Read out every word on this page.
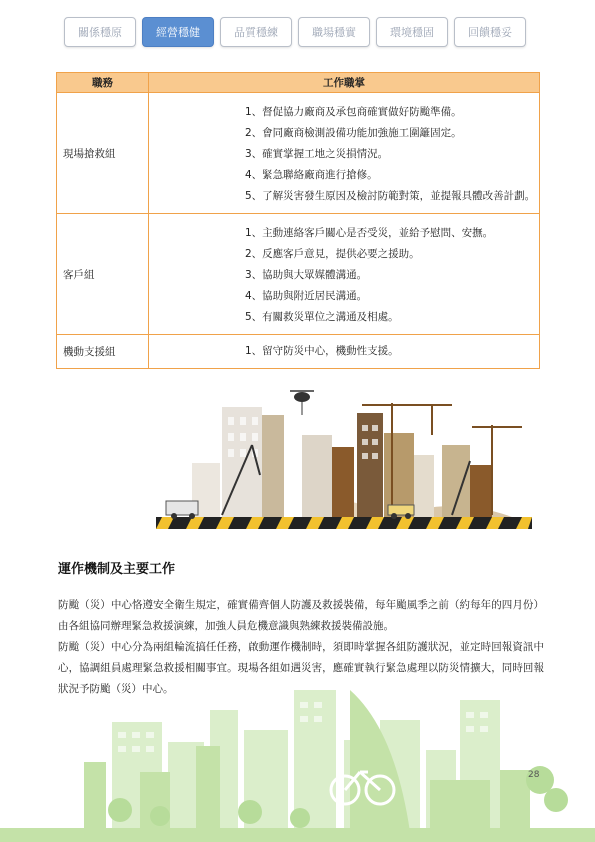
關係穩原	經營穩健	品質穩練	職場穩實	環境穩固	回饋穩妥
職務	工作職掌
現場搶救組	1、督促協力廠商及承包商確實做好防颱準備。
2、會同廠商檢測設備功能加強施工圍籬固定。
3、確實掌握工地之災損情況。
4、緊急聯絡廠商進行搶修。
5、了解災害發生原因及檢討防範對策，並提報具體改善計劃。

客戶組	1、主動連絡客戶關心是否受災，並給予慰問、安撫。
2、反應客戶意見，提供必要之援助。
3、協助與大眾媒體溝通。
4、協助與附近居民溝通。
5、有關救災單位之溝通及相處。

機動支援組	1、留守防災中心，機動性支援。
運作機制及主要工作

防颱（災）中心恪遵安全衛生規定，確實備齊個人防護及救援裝備，每年颱風季之前（約每年的四月份）由各組協同辦理緊急救援演練，加強人員危機意識與熟練救援裝備設施。

防颱（災）中心分為兩組輪流搞任任務，啟動運作機制時，須即時掌握各組防護狀況，並定時回報資訊中心，協調組員處理緊急救援相關事宜。現場各組如遇災害，應確實執行緊急處理以防災情擴大，同時回報狀況予防颱（災）中心。

28
